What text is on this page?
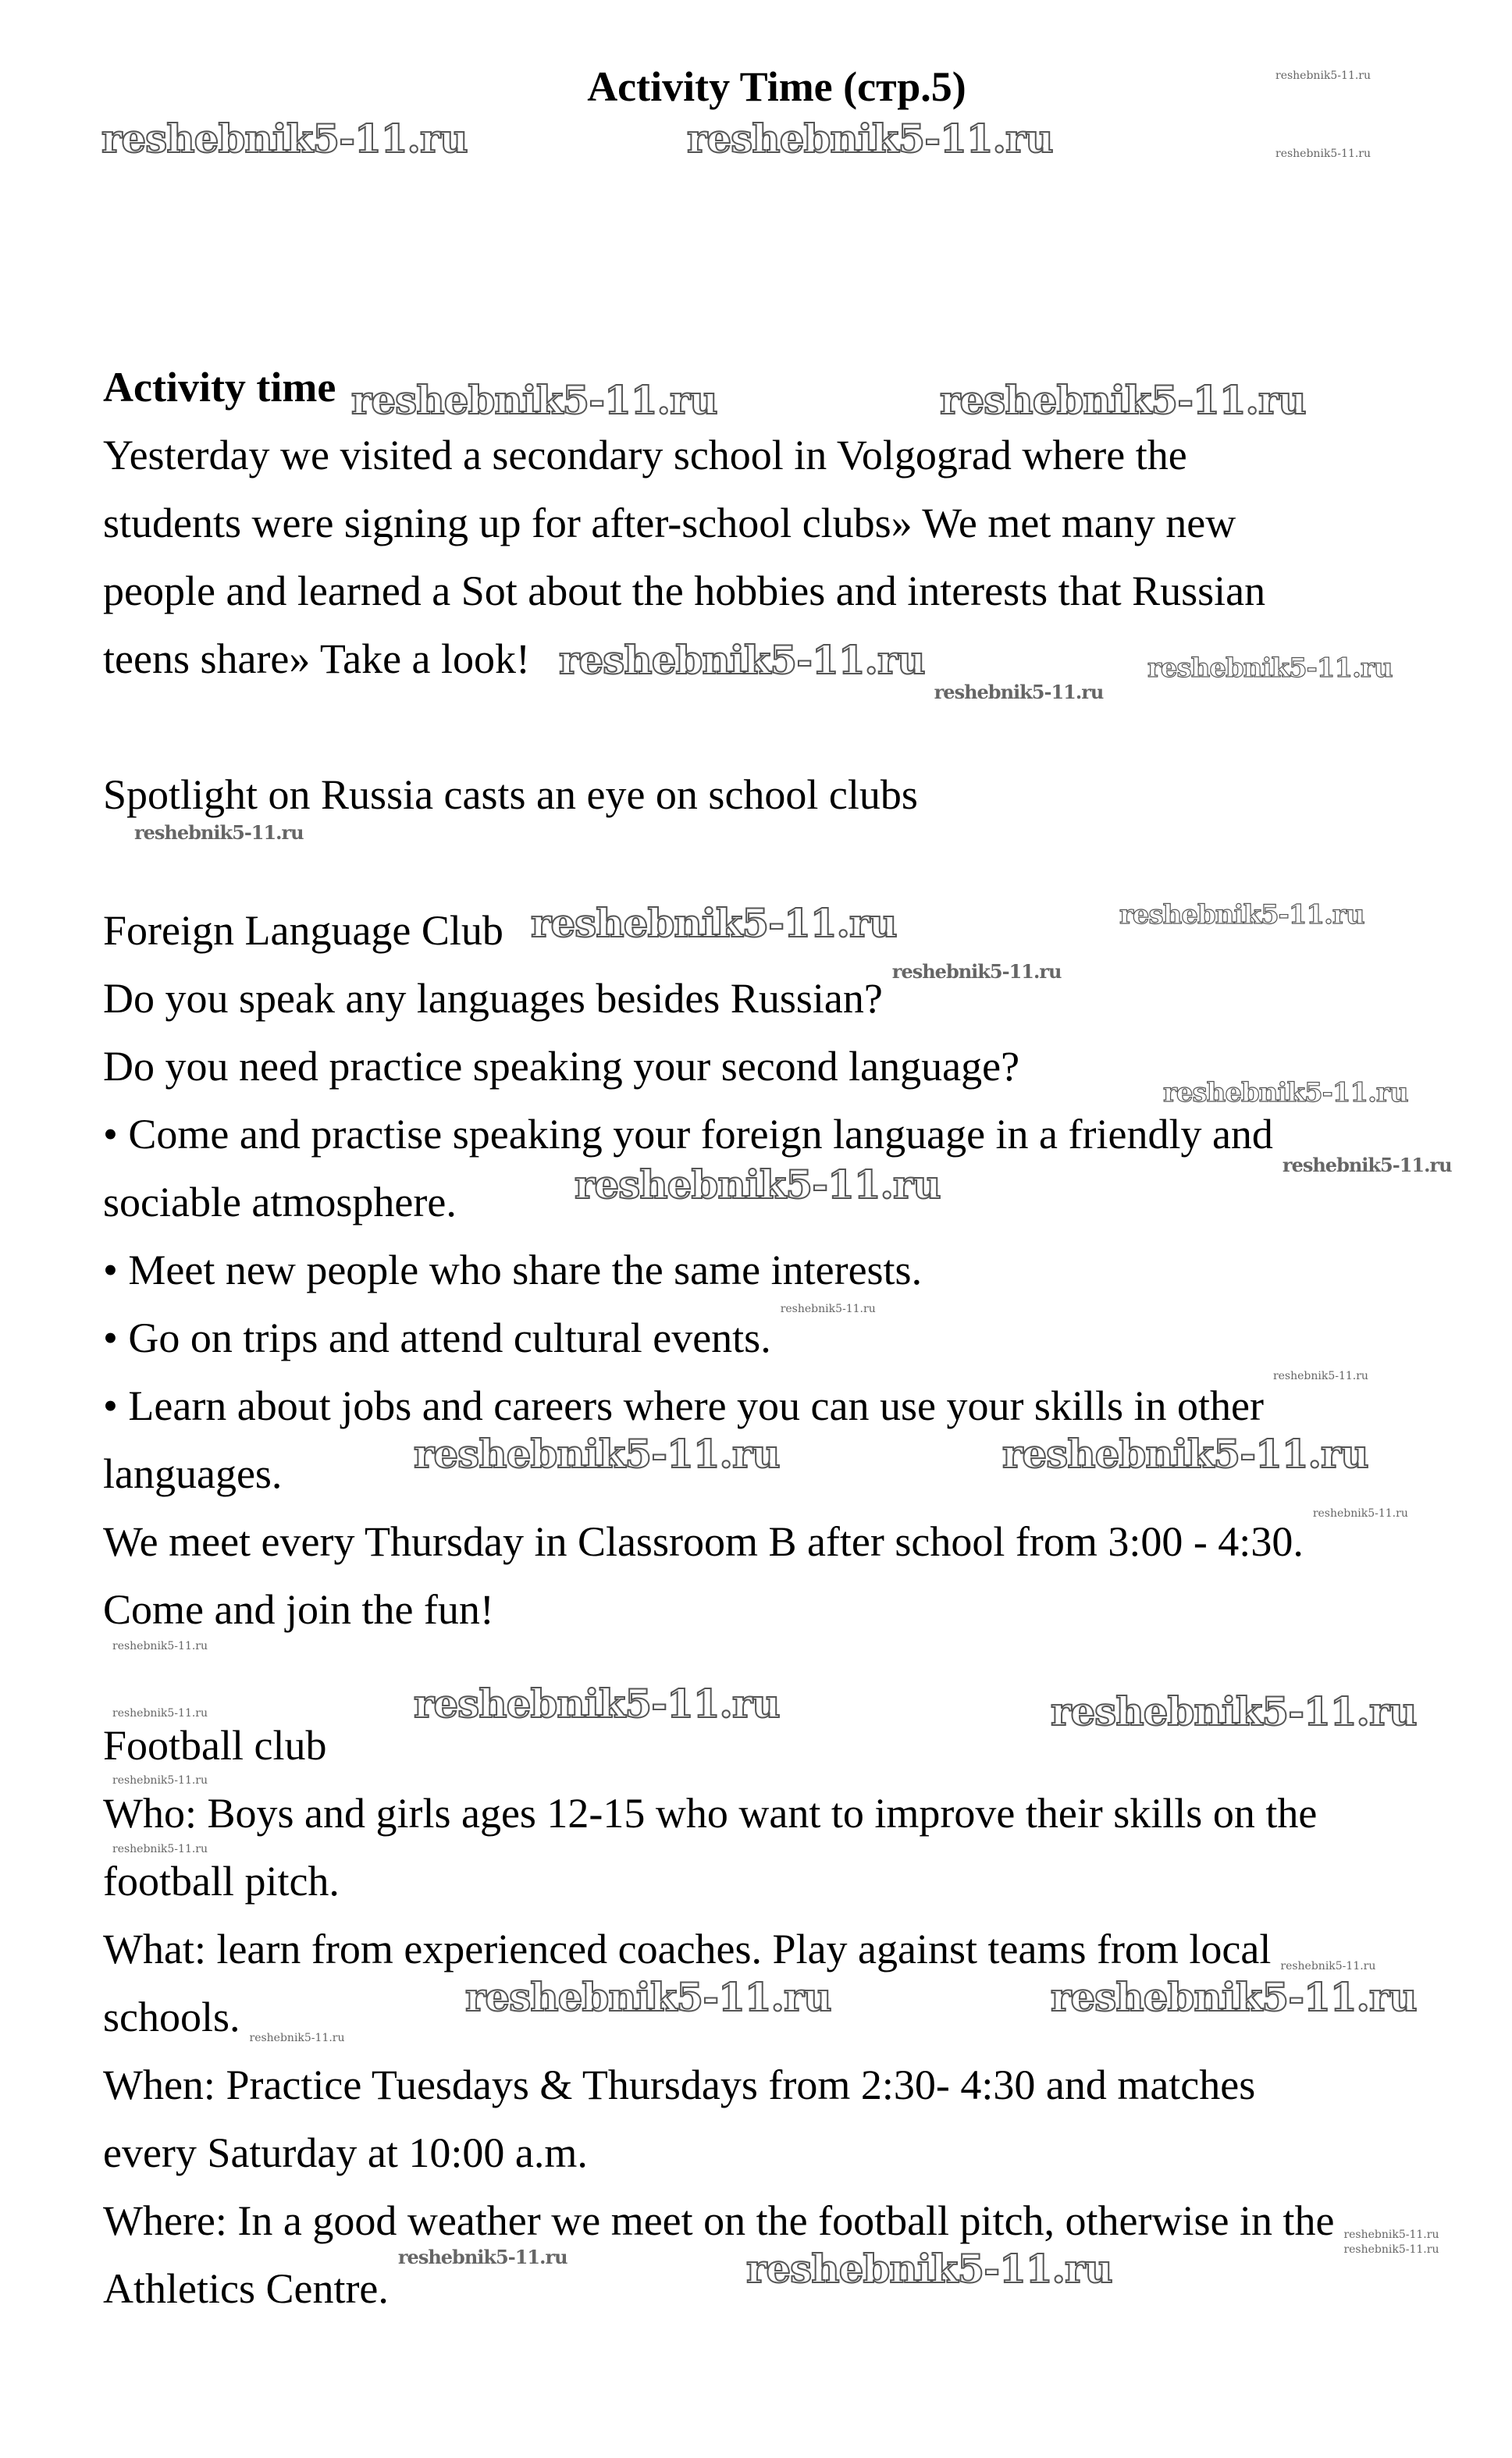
Activity Time (стр.5)
Activity time
Yesterday we visited a secondary school in Volgograd where the
students were signing up for after-school clubs» We met many new
people and learned a Sot about the hobbies and interests that Russian
teens share» Take a look!
Spotlight on Russia casts an eye on school clubs
Foreign Language Club
Do you speak any languages besides Russian?
Do you need practice speaking your second language?
• Come and practise speaking your foreign language in a friendly and
sociable atmosphere.
• Meet new people who share the same interests.
• Go on trips and attend cultural events.
• Learn about jobs and careers where you can use your skills in other
languages.
We meet every Thursday in Classroom B after school from 3:00 - 4:30.
Come and join the fun!
Football club
Who: Boys and girls ages 12-15 who want to improve their skills on the
football pitch.
What: learn from experienced coaches. Play against teams from local
schools.
When: Practice Tuesdays & Thursdays from 2:30- 4:30 and matches
every Saturday at 10:00 a.m.
Where: In a good weather we meet on the football pitch, otherwise in the
Athletics Centre.
reshebnik5-11.ru	reshebnik5-11.ru
reshebnik5-11.ru	reshebnik5-11.ru
reshebnik5-11.ru
reshebnik5-11.ru
reshebnik5-11.ru
reshebnik5-11.ru	reshebnik5-11.ru
reshebnik5-11.ru	reshebnik5-11.ru
reshebnik5-11.ru	reshebnik5-11.ru
reshebnik5-11.ru
reshebnik5-11.ru
reshebnik5-11.ru
reshebnik5-11.ru
reshebnik5-11.ru
reshebnik5-11.ru
reshebnik5-11.ru
reshebnik5-11.ru
reshebnik5-11.ru
reshebnik5-11.ru
reshebnik5-11.ru
reshebnik5-11.ru
reshebnik5-11.ru
reshebnik5-11.ru
reshebnik5-11.ru
reshebnik5-11.ru
reshebnik5-11.ru
reshebnik5-11.ru
reshebnik5-11.ru
reshebnik5-11.ru
reshebnik5-11.ru
reshebnik5-11.ru
